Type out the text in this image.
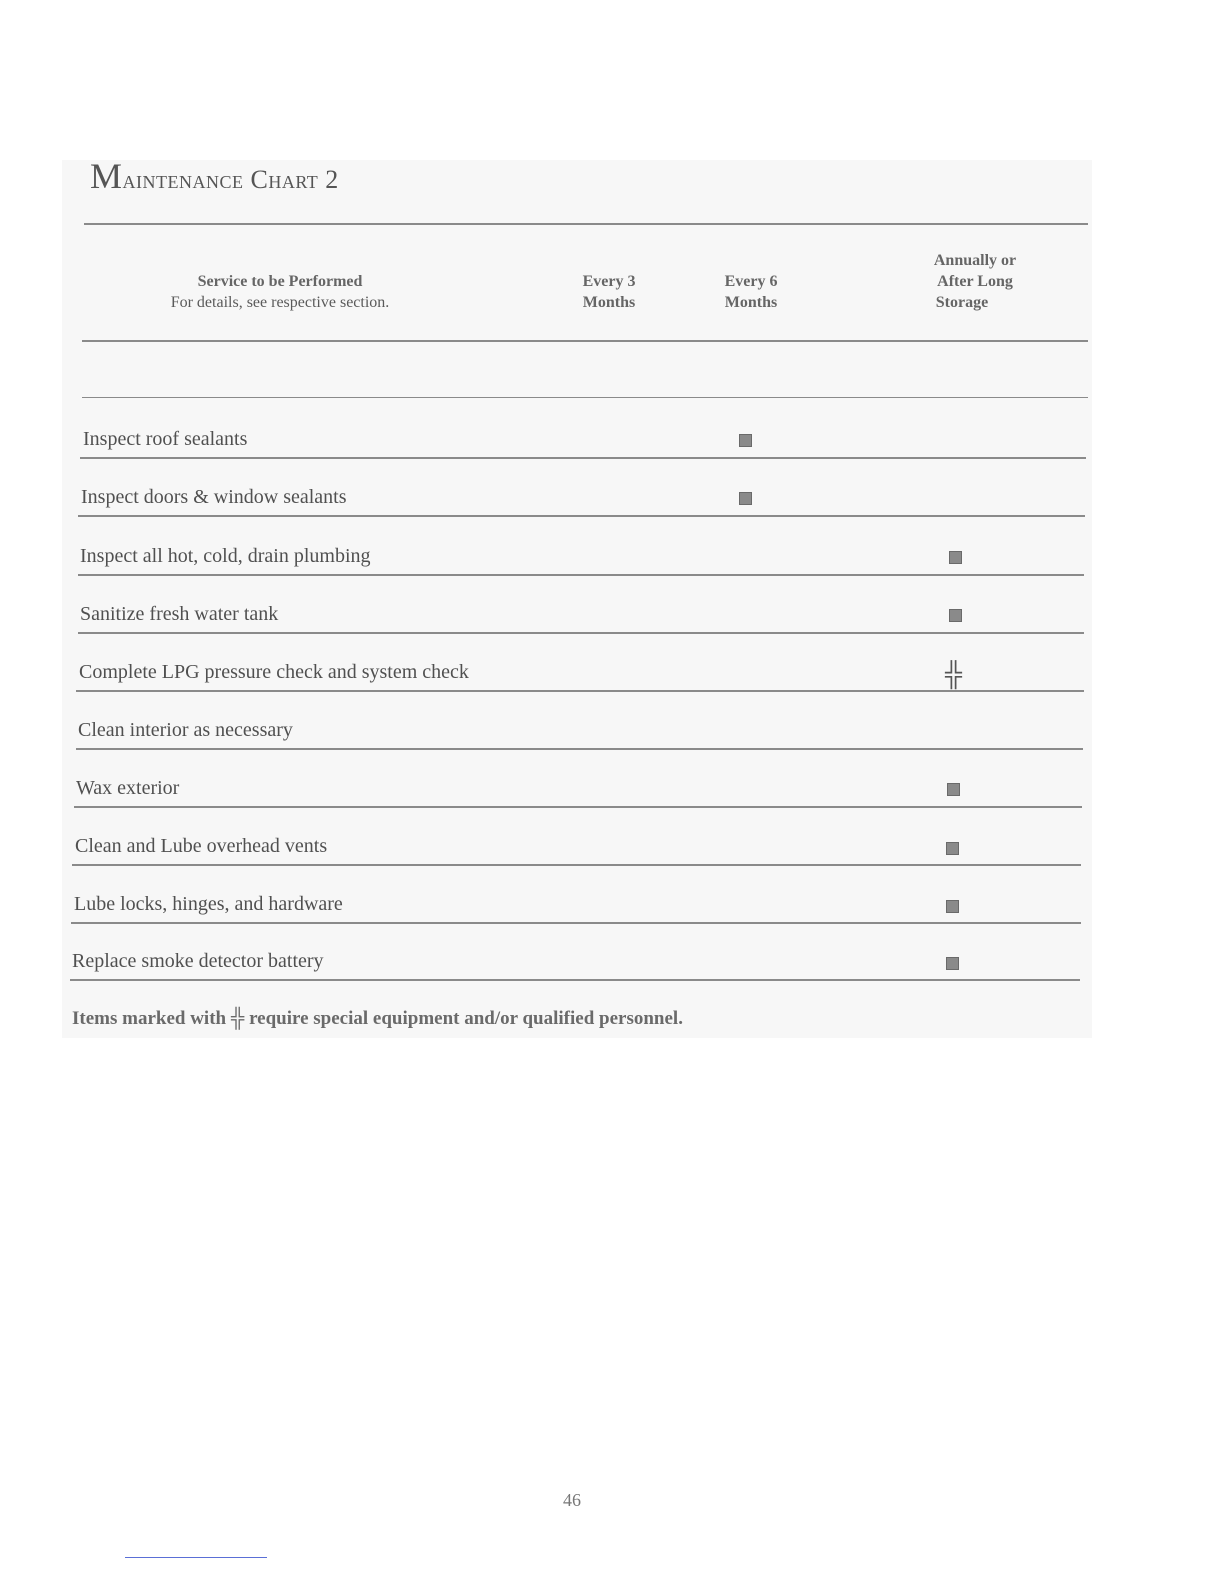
Maintenance Chart 2
Service to be Performed
For details, see respective section.
Every 3
Months
Every 6
Months
Annually or
After Long
Storage
Inspect roof sealants
Inspect doors & window sealants
Inspect all hot, cold, drain plumbing
Sanitize fresh water tank
Complete LPG pressure check and system check	╬
Clean interior as necessary
Wax exterior
Clean and Lube overhead vents
Lube locks, hinges, and hardware
Replace smoke detector battery
Items marked with ╬ require special equipment and/or qualified personnel.
46
